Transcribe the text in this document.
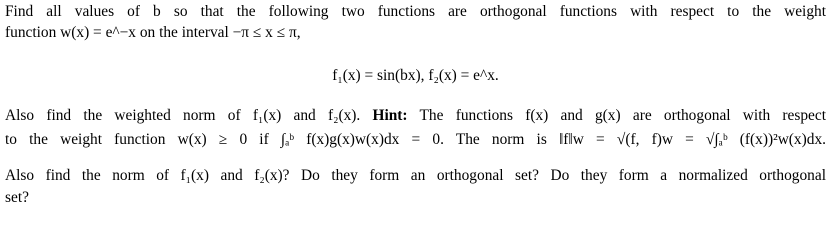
Find all values of b so that the following two functions are orthogonal functions with respect to the weight
function w(x) = e^−x on the interval −π ≤ x ≤ π,
f₁(x) = sin(bx), f₂(x) = e^x.
Also find the weighted norm of f₁(x) and f₂(x). Hint: The functions f(x) and g(x) are orthogonal with respect
to the weight function w(x) ≥ 0 if ∫ₐᵇ f(x)g(x)w(x)dx = 0. The norm is ‖f‖w = √(f, f)w = √∫ₐᵇ (f(x))²w(x)dx.
Also find the norm of f₁(x) and f₂(x)? Do they form an orthogonal set? Do they form a normalized orthogonal
set?
